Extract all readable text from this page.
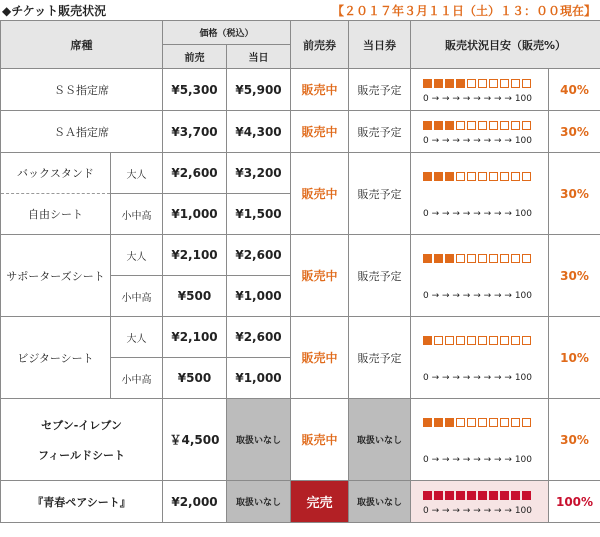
◆チケット販売状況	【２０１７年３月１１日（土）１３：００現在】
席種		価格（税込）		前売券	当日券	販売状況目安（販売%）	
		前売	当日				
ＳＳ指定席		¥5,300	¥5,900	販売中	販売予定	0 → → → → → → → → 100	40%
ＳＡ指定席		¥3,700	¥4,300	販売中	販売予定	0 → → → → → → → → 100	30%
バックスタンド	大人	¥2,600	¥3,200	販売中	販売予定	0 → → → → → → → → 100	30%
自由シート	小中高	¥1,000	¥1,500				
サポーターズシート	大人	¥2,100	¥2,600	販売中	販売予定	0 → → → → → → → → 100	30%
	小中高	¥500	¥1,000				
ビジターシート	大人	¥2,100	¥2,600	販売中	販売予定	0 → → → → → → → → 100	10%
	小中高	¥500	¥1,000				

セブン-イレブン
フィールドシート		￥4,500	取扱いなし	販売中	取扱いなし	0 → → → → → → → → 100	30%
『青春ペアシート』		¥2,000	取扱いなし	完売	取扱いなし	0 → → → → → → → → 100	100%
